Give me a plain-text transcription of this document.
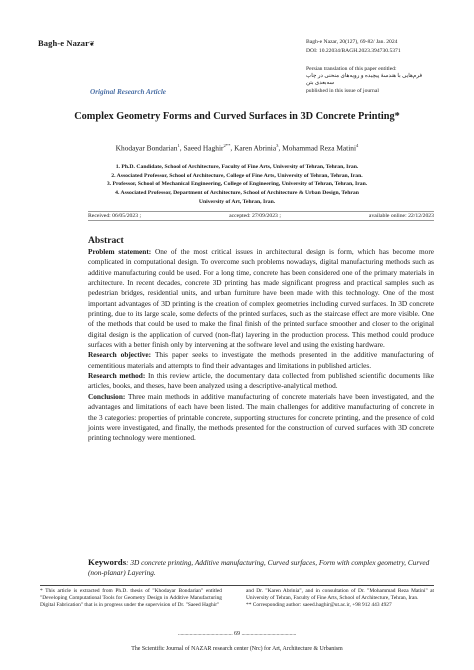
Bagh-e Nazar❦	Bagh-e Nazar, 20(127), 69-82/ Jan. 2024
DOI: 10.22034/BAGH.2023.394730.5371
Persian translation of this paper entitled:
فرم‌هایی با هندسهٔ پیچیده و رویه‌های منحنی در چاپ سه‌بعدی بتن
published in this issue of journal
Original Research Article
Complex Geometry Forms and Curved Surfaces in 3D Concrete Printing*
Khodayar Bondarian$^1$, Saeed Haghir$^{2**}$, Karen Abrinia$^3$, Mohammad Reza Matini$^4$
1. Ph.D. Candidate, School of Architecture, Faculty of Fine Arts, University of Tehran, Tehran, Iran.
2. Associated Professor, School of Architecture, College of Fine Arts, University of Tehran, Tehran, Iran.
3. Professor, School of Mechanical Engineering, College of Engineering, University of Tehran, Tehran, Iran.
4. Associated Professor, Department of Architecture, School of Architecture & Urban Design, Tehran
University of Art, Tehran, Iran.
Received: 06/05/2023 ;	accepted: 27/09/2023 ;	available online: 22/12/2023
Abstract

Problem statement: One of the most critical issues in architectural design is form, which has become more complicated in computational design. To overcome such problems nowadays, digital manufacturing methods such as additive manufacturing could be used. For a long time, concrete has been considered one of the primary materials in architecture. In recent decades, concrete 3D printing has made significant progress and practical samples such as pedestrian bridges, residential units, and urban furniture have been made with this technology. One of the most important advantages of 3D printing is the creation of complex geometries including curved surfaces. In 3D concrete printing, due to its large scale, some defects of the printed surfaces, such as the staircase effect are more visible. One of the methods that could be used to make the final finish of the printed surface smoother and closer to the original digital design is the application of curved (non-flat) layering in the production process. This method could produce surfaces with a better finish only by intervening at the software level and using the existing hardware.

Research objective: This paper seeks to investigate the methods presented in the additive manufacturing of cementitious materials and attempts to find their advantages and limitations in published articles.

Research method: In this review article, the documentary data collected from published scientific documents like articles, books, and theses, have been analyzed using a descriptive-analytical method.

Conclusion: Three main methods in additive manufacturing of concrete materials have been investigated, and the advantages and limitations of each have been listed. The main challenges for additive manufacturing of concrete in the 3 categories: properties of printable concrete, supporting structures for concrete printing, and the presence of cold joints were investigated, and finally, the methods presented for the construction of curved surfaces with 3D concrete printing technology were mentioned.

Keywords: 3D concrete printing, Additive manufacturing, Curved surfaces, Form with complex geometry, Curved (non-planar) Layering.
* This article is extracted from Ph.D. thesis of "Khodayar Bondarian" entitled "Developing Computational Tools for Geometry Design in Additive Manufacturing Digital Fabrication" that is in progress under the supervision of Dr. "Saeed Haghir"
and Dr. "Karen Abrinia", and in consultation of Dr. "Mohammad Reza Matini" at University of Tehran, Faculty of Fine Arts, School of Architecture, Tehran, Iran.
** Corresponding author: saeed.haghir@ut.ac.ir, +98 912 443 4927
.......................................... 69 ..........................................
The Scientific Journal of NAZAR research center (Nrc) for Art, Architecture & Urbanism
